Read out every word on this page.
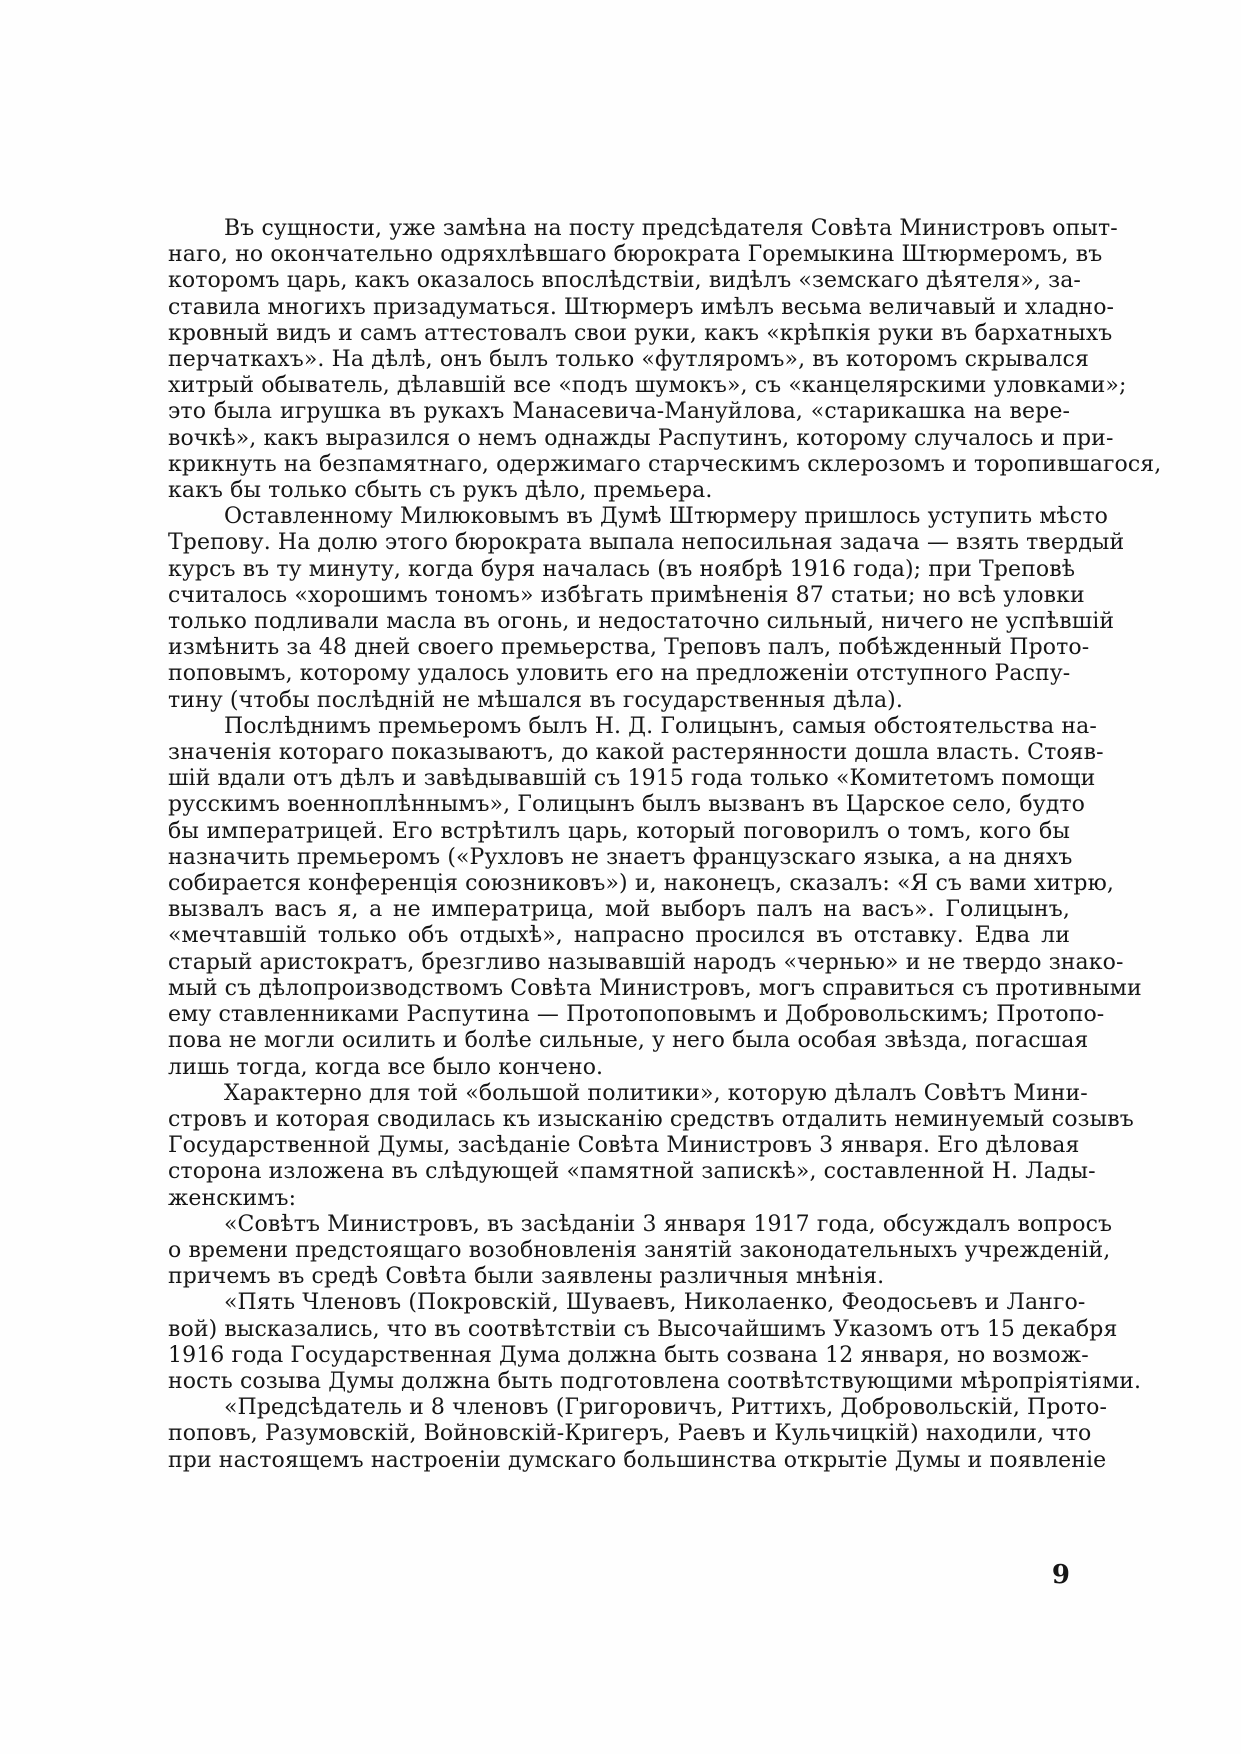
Въ сущности, уже замѣна на посту предсѣдателя Совѣта Министровъ опыт-
наго, но окончательно одряхлѣвшаго бюрократа Горемыкина Штюрмеромъ, въ
которомъ царь, какъ оказалось впослѣдствіи, видѣлъ «земскаго дѣятеля», за-
ставила многихъ призадуматься. Штюрмеръ имѣлъ весьма величавый и хладно-
кровный видъ и самъ аттестовалъ свои руки, какъ «крѣпкія руки въ бархатныхъ
перчаткахъ». На дѣлѣ, онъ былъ только «футляромъ», въ которомъ скрывался
хитрый обыватель, дѣлавшій все «подъ шумокъ», съ «канцелярскими уловками»;
это была игрушка въ рукахъ Манасевича-Мануйлова, «старикашка на вере-
вочкѣ», какъ выразился о немъ однажды Распутинъ, которому случалось и при-
крикнуть на безпамятнаго, одержимаго старческимъ склерозомъ и торопившагося,
какъ бы только сбыть съ рукъ дѣло, премьера.
Оставленному Милюковымъ въ Думѣ Штюрмеру пришлось уступить мѣсто
Трепову. На долю этого бюрократа выпала непосильная задача — взять твердый
курсъ въ ту минуту, когда буря началась (въ ноябрѣ 1916 года); при Треповѣ
считалось «хорошимъ тономъ» избѣгать примѣненія 87 статьи; но всѣ уловки
только подливали масла въ огонь, и недостаточно сильный, ничего не успѣвшій
измѣнить за 48 дней своего премьерства, Треповъ палъ, побѣжденный Прото-
поповымъ, которому удалось уловить его на предложеніи отступного Распу-
тину (чтобы послѣдній не мѣшался въ государственныя дѣла).
Послѣднимъ премьеромъ былъ Н. Д. Голицынъ, самыя обстоятельства на-
значенія котораго показываютъ, до какой растерянности дошла власть. Стояв-
шій вдали отъ дѣлъ и завѣдывавшій съ 1915 года только «Комитетомъ помощи
русскимъ военноплѣннымъ», Голицынъ былъ вызванъ въ Царское село, будто
бы императрицей. Его встрѣтилъ царь, который поговорилъ о томъ, кого бы
назначить премьеромъ («Рухловъ не знаетъ французскаго языка, а на дняхъ
собирается конференція союзниковъ») и, наконецъ, сказалъ: «Я съ вами хитрю,
вызвалъ васъ я, а не императрица, мой выборъ палъ на васъ». Голицынъ,
«мечтавшій только объ отдыхѣ», напрасно просился въ отставку. Едва ли
старый аристократъ, брезгливо называвшій народъ «чернью» и не твердо знако-
мый съ дѣлопроизводствомъ Совѣта Министровъ, могъ справиться съ противными
ему ставленниками Распутина — Протопоповымъ и Добровольскимъ; Протопо-
пова не могли осилить и болѣе сильные, у него была особая звѣзда, погасшая
лишь тогда, когда все было кончено.
Характерно для той «большой политики», которую дѣлалъ Совѣтъ Мини-
стровъ и которая сводилась къ изысканію средствъ отдалить неминуемый созывъ
Государственной Думы, засѣданіе Совѣта Министровъ 3 января. Его дѣловая
сторона изложена въ слѣдующей «памятной запискѣ», составленной Н. Лады-
женскимъ:
«Совѣтъ Министровъ, въ засѣданіи 3 января 1917 года, обсуждалъ вопросъ
о времени предстоящаго возобновленія занятій законодательныхъ учрежденій,
причемъ въ средѣ Совѣта были заявлены различныя мнѣнія.
«Пять Членовъ (Покровскій, Шуваевъ, Николаенко, Феодосьевъ и Ланго-
вой) высказались, что въ соотвѣтствіи съ Высочайшимъ Указомъ отъ 15 декабря
1916 года Государственная Дума должна быть созвана 12 января, но возмож-
ность созыва Думы должна быть подготовлена соотвѣтствующими мѣропріятіями.
«Предсѣдатель и 8 членовъ (Григоровичъ, Риттихъ, Добровольскій, Прото-
поповъ, Разумовскій, Войновскій-Кригеръ, Раевъ и Кульчицкій) находили, что
при настоящемъ настроеніи думскаго большинства открытіе Думы и появленіе
9
